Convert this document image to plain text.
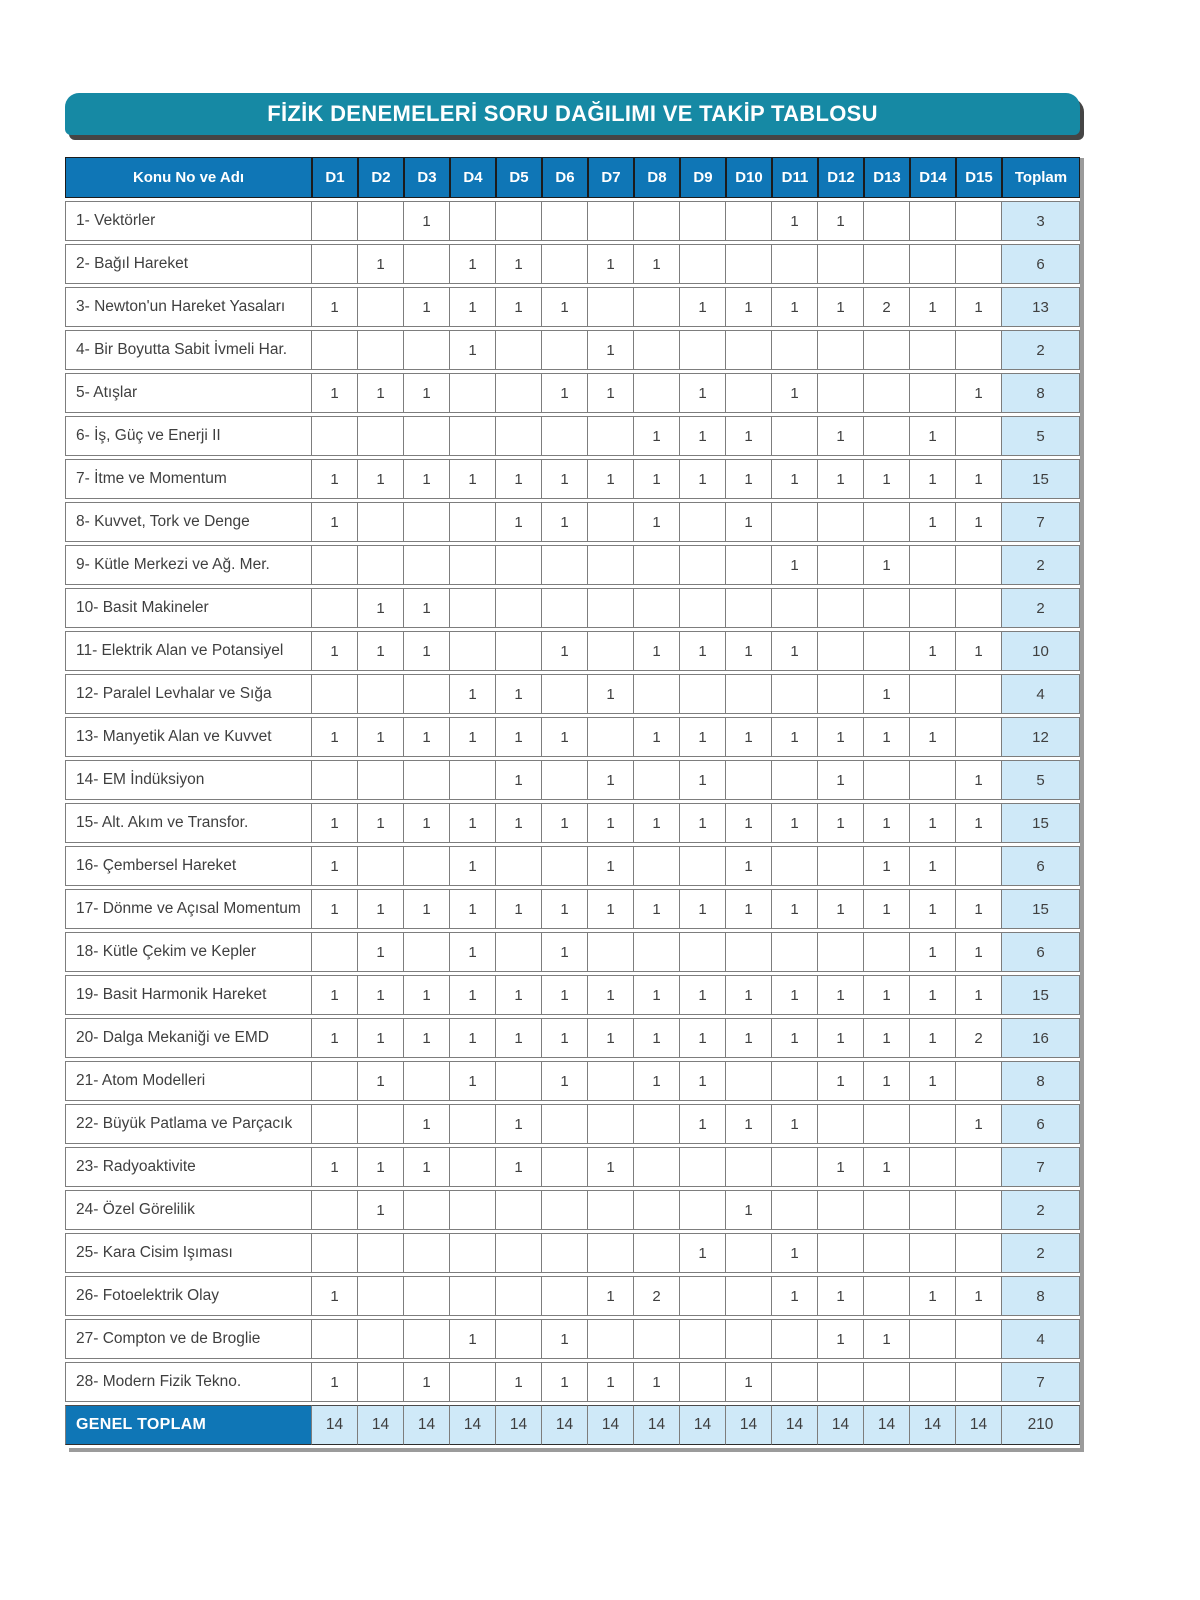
FİZİK DENEMELERİ SORU DAĞILIMI VE TAKİP TABLOSU
Konu No ve Adı	D1	D2	D3	D4	D5	D6	D7	D8	D9	D10	D11	D12	D13	D14	D15	Toplam
1- Vektörler			1								1	1				3
2- Bağıl Hareket		1		1	1		1	1								6
3- Newton'un Hareket Yasaları	1		1	1	1	1			1	1	1	1	2	1	1	13
4- Bir Boyutta Sabit İvmeli Har.				1			1									2
5- Atışlar	1	1	1			1	1		1		1				1	8
6- İş, Güç ve Enerji II								1	1	1		1		1		5
7- İtme ve Momentum	1	1	1	1	1	1	1	1	1	1	1	1	1	1	1	15
8- Kuvvet, Tork ve Denge	1				1	1		1		1				1	1	7
9- Kütle Merkezi ve Ağ. Mer.											1		1			2
10- Basit Makineler		1	1													2
11- Elektrik Alan ve Potansiyel	1	1	1			1		1	1	1	1			1	1	10
12- Paralel Levhalar ve Sığa				1	1		1						1			4
13- Manyetik Alan ve Kuvvet	1	1	1	1	1	1		1	1	1	1	1	1	1		12
14- EM İndüksiyon					1		1		1			1			1	5
15- Alt. Akım ve Transfor.	1	1	1	1	1	1	1	1	1	1	1	1	1	1	1	15
16- Çembersel Hareket	1			1			1			1			1	1		6
17- Dönme ve Açısal Momentum	1	1	1	1	1	1	1	1	1	1	1	1	1	1	1	15
18- Kütle Çekim ve Kepler		1		1		1								1	1	6
19- Basit Harmonik Hareket	1	1	1	1	1	1	1	1	1	1	1	1	1	1	1	15
20- Dalga Mekaniği ve EMD	1	1	1	1	1	1	1	1	1	1	1	1	1	1	2	16
21- Atom Modelleri		1		1		1		1	1			1	1	1		8
22- Büyük Patlama ve Parçacık			1		1				1	1	1				1	6
23- Radyoaktivite	1	1	1		1		1					1	1			7
24- Özel Görelilik		1								1						2
25- Kara Cisim Işıması									1		1					2
26- Fotoelektrik Olay	1						1	2			1	1		1	1	8
27- Compton ve de Broglie				1		1						1	1			4
28- Modern Fizik Tekno.	1		1		1	1	1	1		1						7
GENEL TOPLAM	14	14	14	14	14	14	14	14	14	14	14	14	14	14	14	210
